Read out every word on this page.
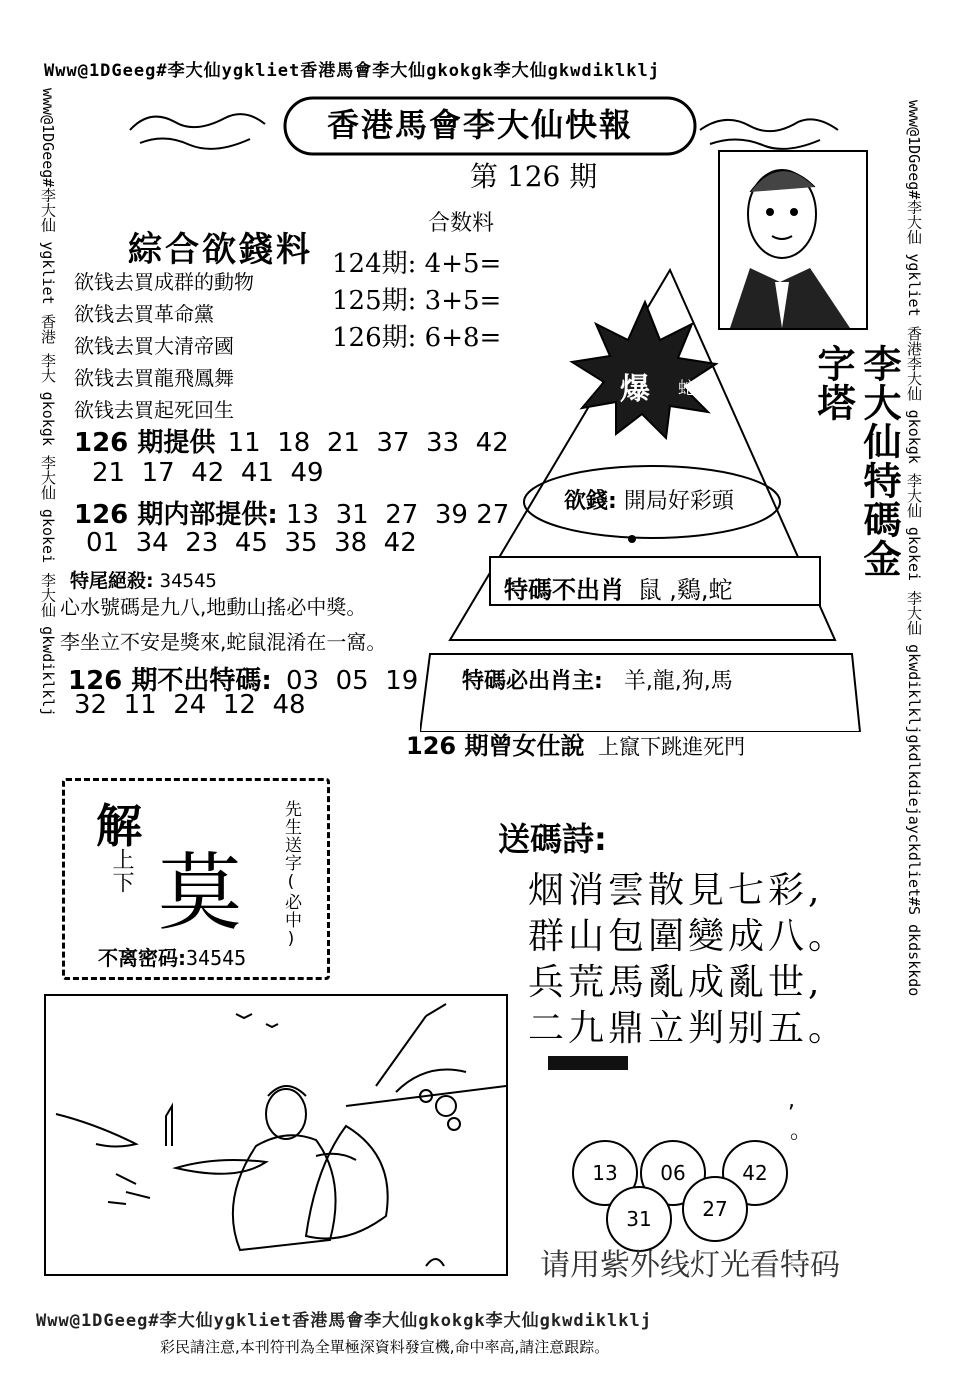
Www@1DGeeg#李大仙ygkliet香港馬會李大仙gkokgk李大仙gkwdiklklj
Www@1DGeeg#李大仙ygkliet香港馬會李大仙gkokgk李大仙gkwdiklklj
www@1DGeeg#李大仙 ygkliet 香港 李大 gkokgk 李大仙 gkokei 李大仙 gkwdiklklj	www@1DGeeg#李大仙 ygkliet 香港李大仙 gkokgk 李大仙 gkokei 李大仙 gkwdiklkljgkdlkdiejayckdliet#S dkdskkdo
香港馬會李大仙快報
第 126 期
合数料
124期: 4+5=
125期: 3+5=
126期: 6+8=
綜合欲錢料
欲钱去買成群的動物
欲钱去買革命黨
欲钱去買大清帝國
欲钱去買龍飛鳳舞
欲钱去買起死回生
126 期提供 11  18  21  37  33  42
21  17  42  41  49
126 期内部提供: 13  31  27  39 27
01  34  23  45  35  38  42
特尾絕殺: 34545
心水號碼是九八,地動山搖必中獎。
李坐立不安是獎來,蛇鼠混淆在一窩。
126 期不出特碼: 03  05  19
32  11  24  12  48
爆 蛇
欲錢: 開局好彩頭
特碼不出肖 鼠 ,鷄,蛇
特碼必出肖主: 羊,龍,狗,馬
李大仙特碼金字塔
126 期曾女仕說 上竄下跳進死門
解
上下 莫 先生送字(必中)
不离密码:34545
送碼詩:
烟消雲散見七彩,
群山包圍變成八。
兵荒馬亂成亂世,
二九鼎立判别五。
,
。
13	06	42
31	27
请用紫外线灯光看特码
彩民請注意,本刊符刊為全單極深資料發宣機,命中率高,請注意跟踪。
